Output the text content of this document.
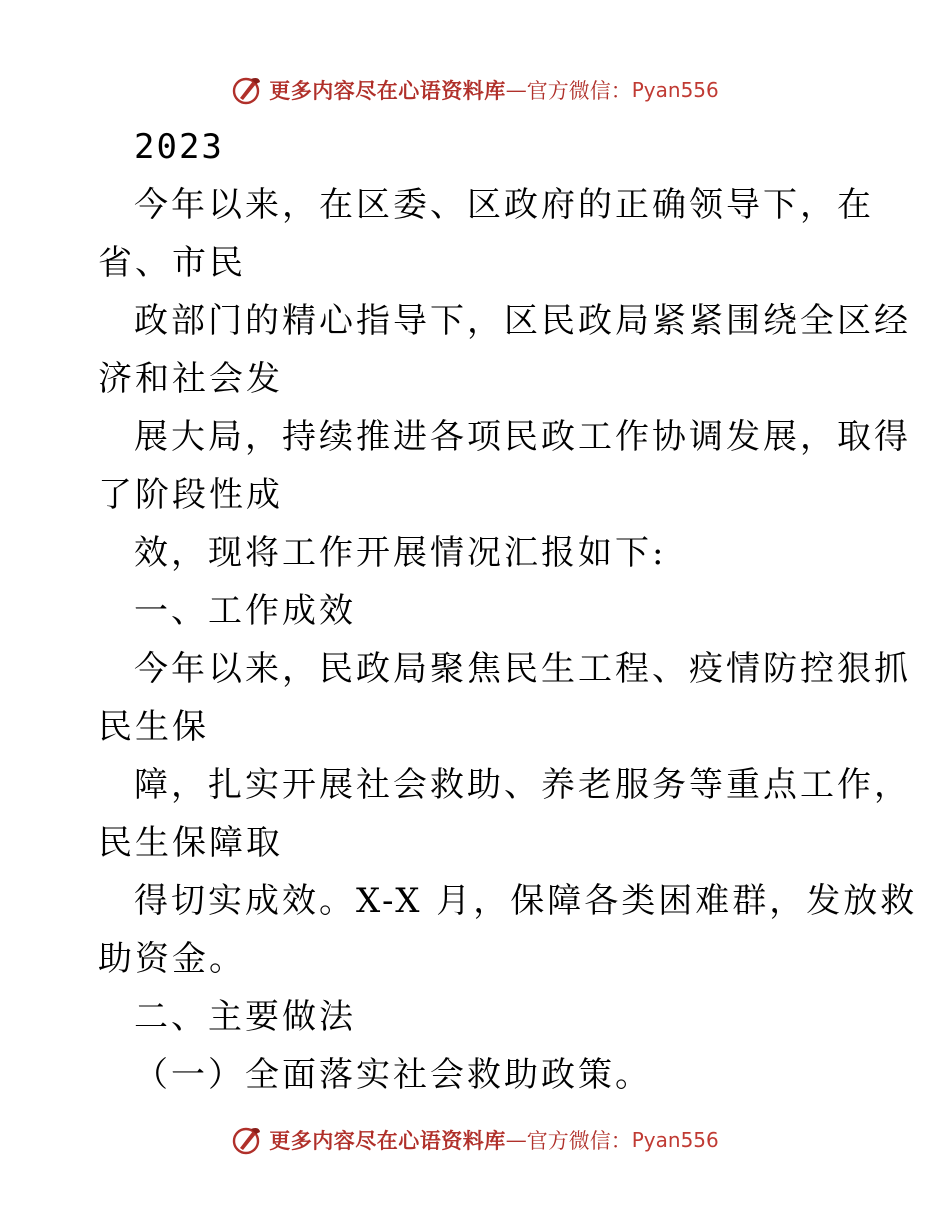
更多内容尽在心语资料库 — 官方微信： Pyan556
2023
今年以来，在区委、区政府的正确领导下，在
省、市民
政部门的精心指导下，区民政局紧紧围绕全区经
济和社会发
展大局，持续推进各项民政工作协调发展，取得
了阶段性成
效，现将工作开展情况汇报如下:
一、工作成效
今年以来，民政局聚焦民生工程、疫情防控狠抓
民生保
障，扎实开展社会救助、养老服务等重点工作，
民生保障取
得切实成效。X-X 月，保障各类困难群，发放救
助资金。
二、主要做法
（一）全面落实社会救助政策。
更多内容尽在心语资料库 — 官方微信： Pyan556
